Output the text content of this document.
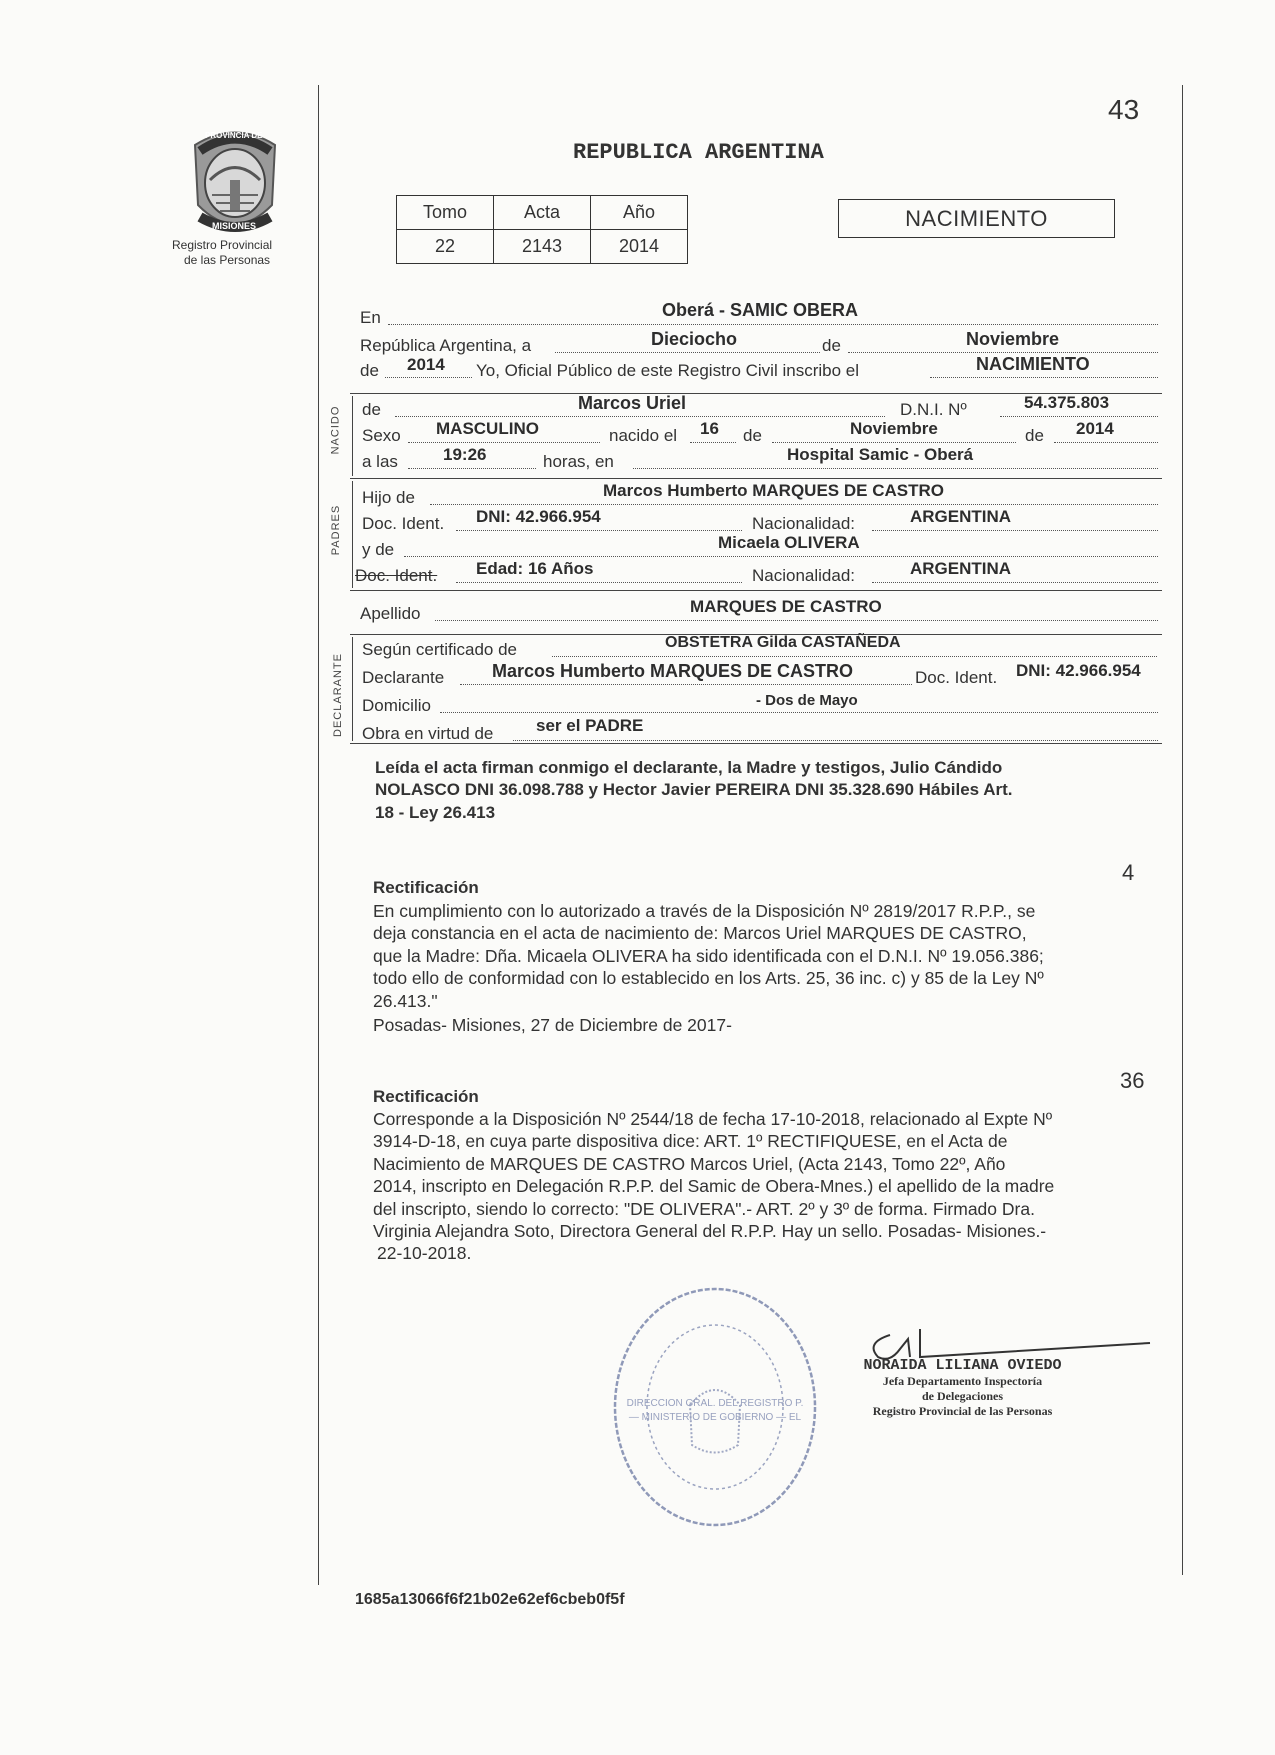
43
PROVINCIA DE
MISIONES
Registro Provincial
de las Personas
REPUBLICA ARGENTINA
Tomo	Acta	Año
22	2143	2014
NACIMIENTO
NACIDO
PADRES
DECLARANTE
En	Oberá - SAMIC OBERA
República Argentina, a	Dieciocho	de	Noviembre
de 2014 Yo, Oficial Público de este Registro Civil inscribo el	NACIMIENTO
de	Marcos Uriel	D.N.I. Nº	54.375.803
Sexo MASCULINO	nacido el 16 de	Noviembre	de 2014
a las	19:26	horas, en	Hospital Samic - Oberá
Hijo de	Marcos Humberto MARQUES DE CASTRO
Doc. Ident. DNI: 42.966.954	Nacionalidad:	ARGENTINA
y de	Micaela OLIVERA
Doc. Ident. Edad: 16 Años	Nacionalidad:	ARGENTINA
Apellido	MARQUES DE CASTRO
Según certificado de	OBSTETRA Gilda CASTAÑEDA
Declarante	Marcos Humberto MARQUES DE CASTRO	Doc. Ident. DNI: 42.966.954
Domicilio	- Dos de Mayo
Obra en virtud de	ser el PADRE
Leída el acta firman conmigo el declarante, la Madre y testigos, Julio Cándido
NOLASCO DNI 36.098.788 y Hector Javier PEREIRA DNI 35.328.690 Hábiles Art.
18 - Ley 26.413
4
Rectificación
En cumplimiento con lo autorizado a través de la Disposición Nº 2819/2017 R.P.P., se
deja constancia en el acta de nacimiento de: Marcos Uriel MARQUES DE CASTRO,
que la Madre: Dña. Micaela OLIVERA ha sido identificada con el D.N.I. Nº 19.056.386;
todo ello de conformidad con lo establecido en los Arts. 25, 36 inc. c) y 85 de la Ley Nº
26.413."
Posadas- Misiones, 27 de Diciembre de 2017-
36
Rectificación
Corresponde a la Disposición Nº 2544/18 de fecha 17-10-2018, relacionado al Expte Nº
3914-D-18, en cuya parte dispositiva dice: ART. 1º RECTIFIQUESE, en el Acta de
Nacimiento de MARQUES DE CASTRO Marcos Uriel, (Acta 2143, Tomo 22º, Año
2014, inscripto en Delegación R.P.P. del Samic de Obera-Mnes.) el apellido de la madre
del inscripto, siendo lo correcto: "DE OLIVERA".- ART. 2º y 3º de forma. Firmado Dra.
Virginia Alejandra Soto, Directora General del R.P.P. Hay un sello. Posadas- Misiones.-
22-10-2018.
DIRECCION GRAL. DEL REGISTRO P. — MINISTERIO DE GOBIERNO — EL
NORAIDA LILIANA OVIEDO
Jefa Departamento Inspectoría
de Delegaciones
Registro Provincial de las Personas
1685a13066f6f21b02e62ef6cbeb0f5f
